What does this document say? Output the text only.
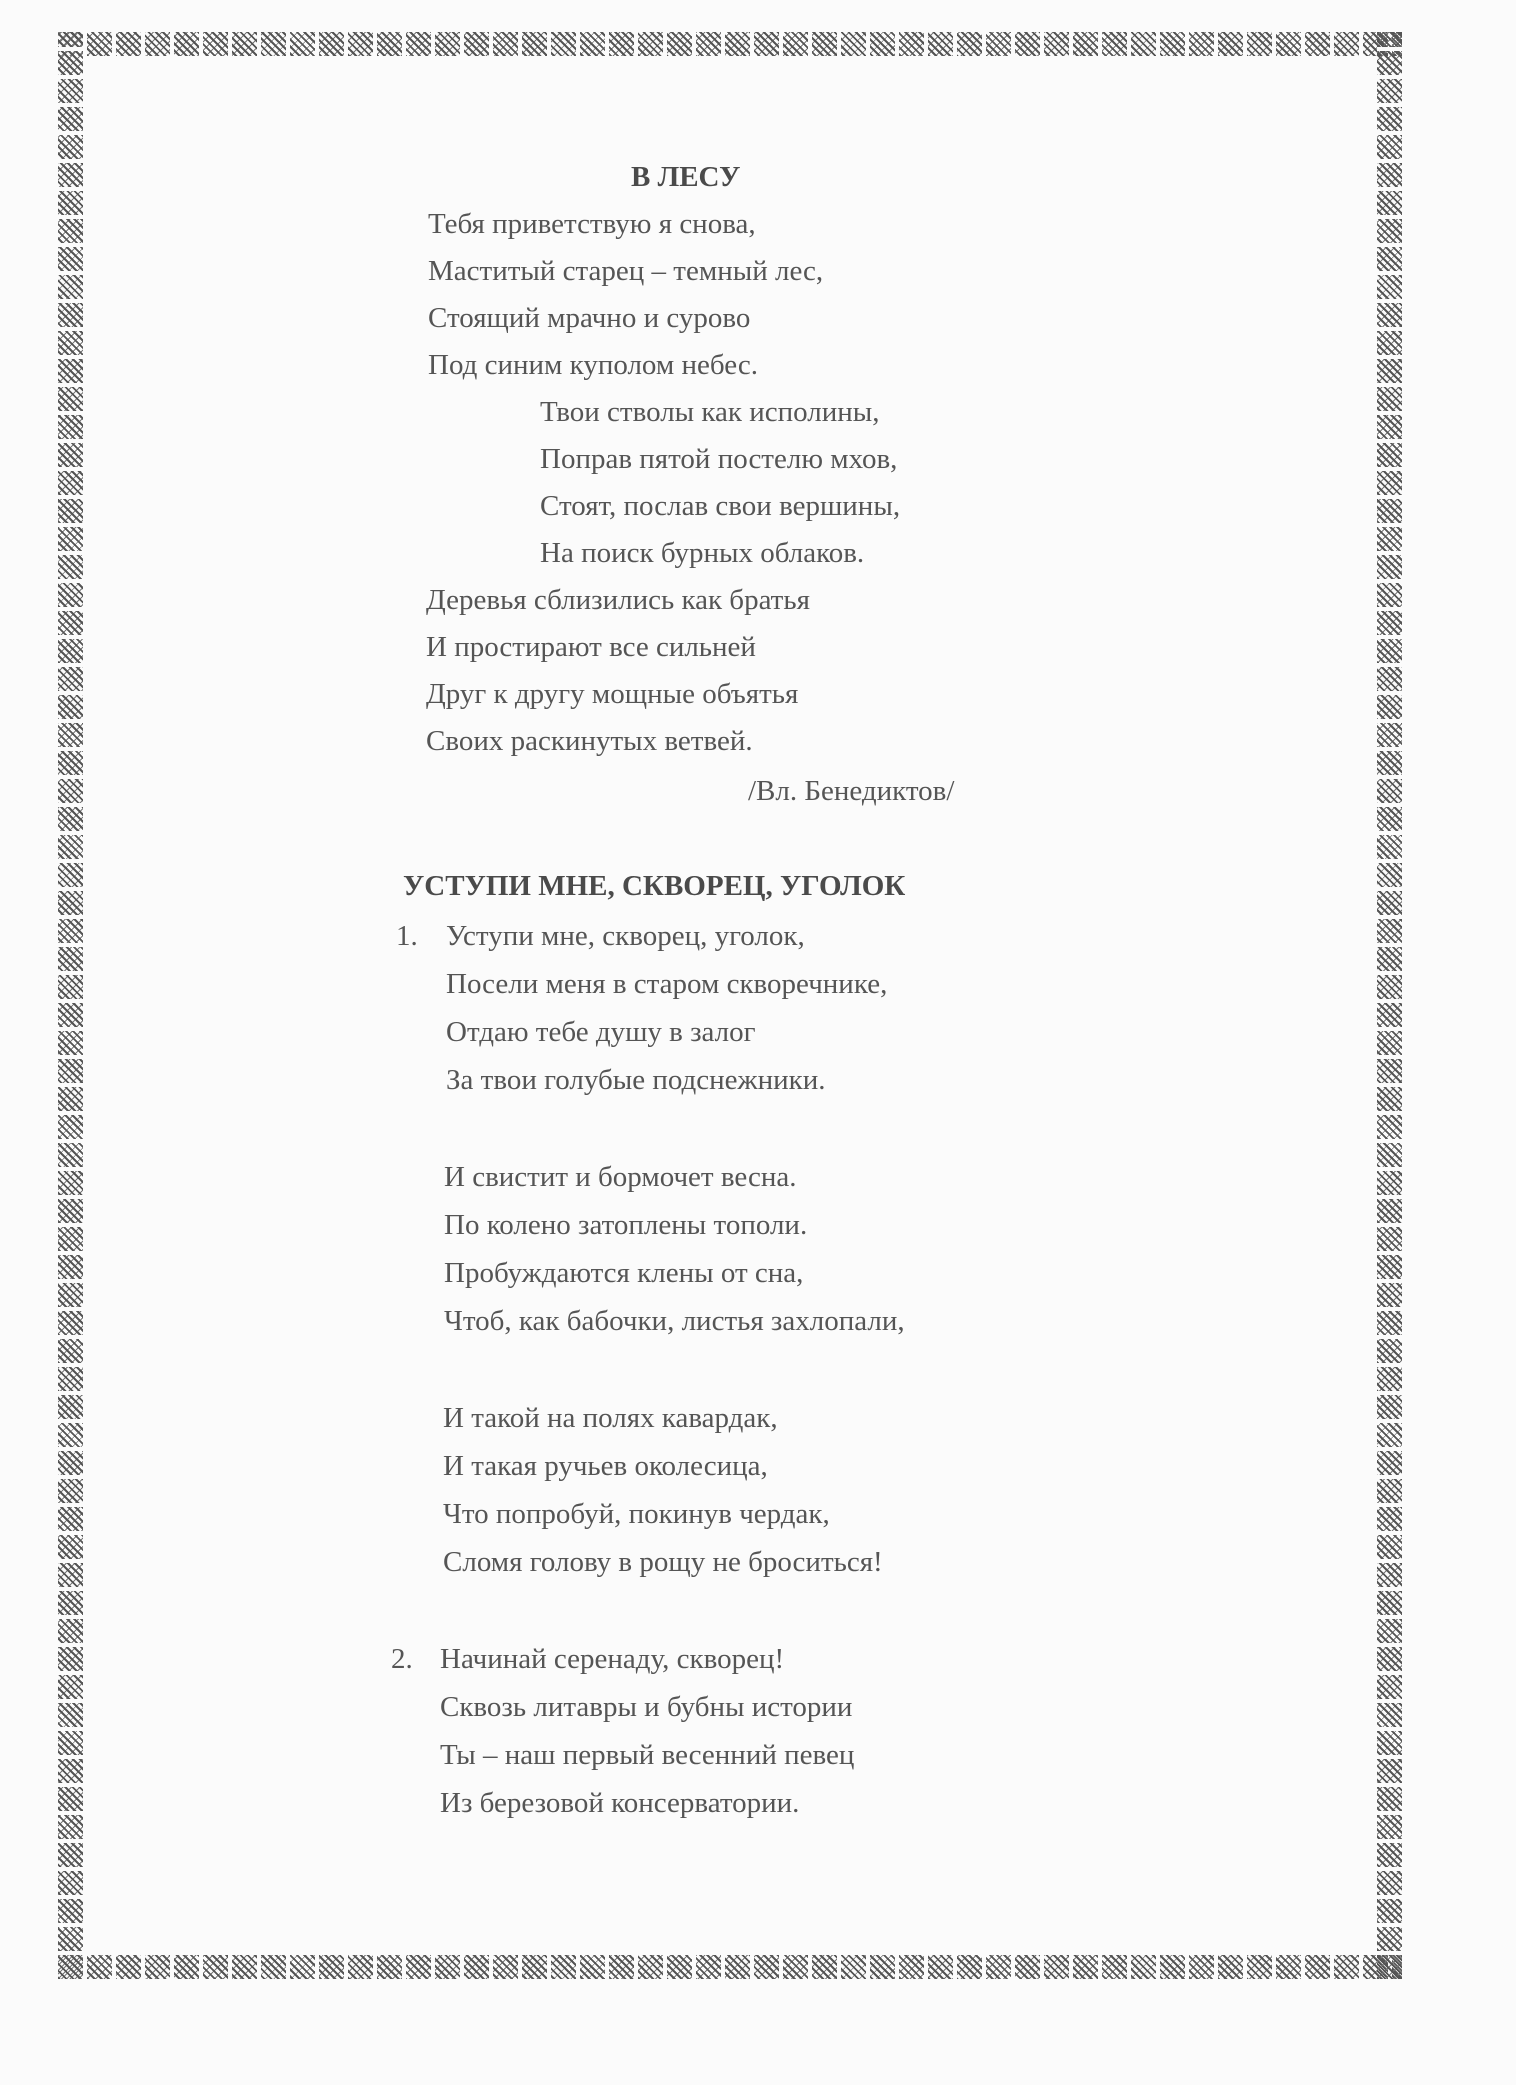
В ЛЕСУ
Тебя приветствую я снова,
Маститый старец – темный лес,
Стоящий мрачно и сурово
Под синим куполом небес.
Твои стволы как исполины,
Поправ пятой постелю мхов,
Стоят, послав свои вершины,
На поиск бурных облаков.
Деревья сблизились как братья
И простирают все сильней
Друг к другу мощные объятья
Своих раскинутых ветвей.
/Вл. Бенедиктов/
УСТУПИ МНЕ, СКВОРЕЦ, УГОЛОК
1. Уступи мне, скворец, уголок,
Посели меня в старом скворечнике,
Отдаю тебе душу в залог
За твои голубые подснежники.
И свистит и бормочет весна.
По колено затоплены тополи.
Пробуждаются клены от сна,
Чтоб, как бабочки, листья захлопали,
И такой на полях кавардак,
И такая ручьев околесица,
Что попробуй, покинув чердак,
Сломя голову в рощу не броситься!
2. Начинай серенаду, скворец!
Сквозь литавры и бубны истории
Ты – наш первый весенний певец
Из березовой консерватории.
